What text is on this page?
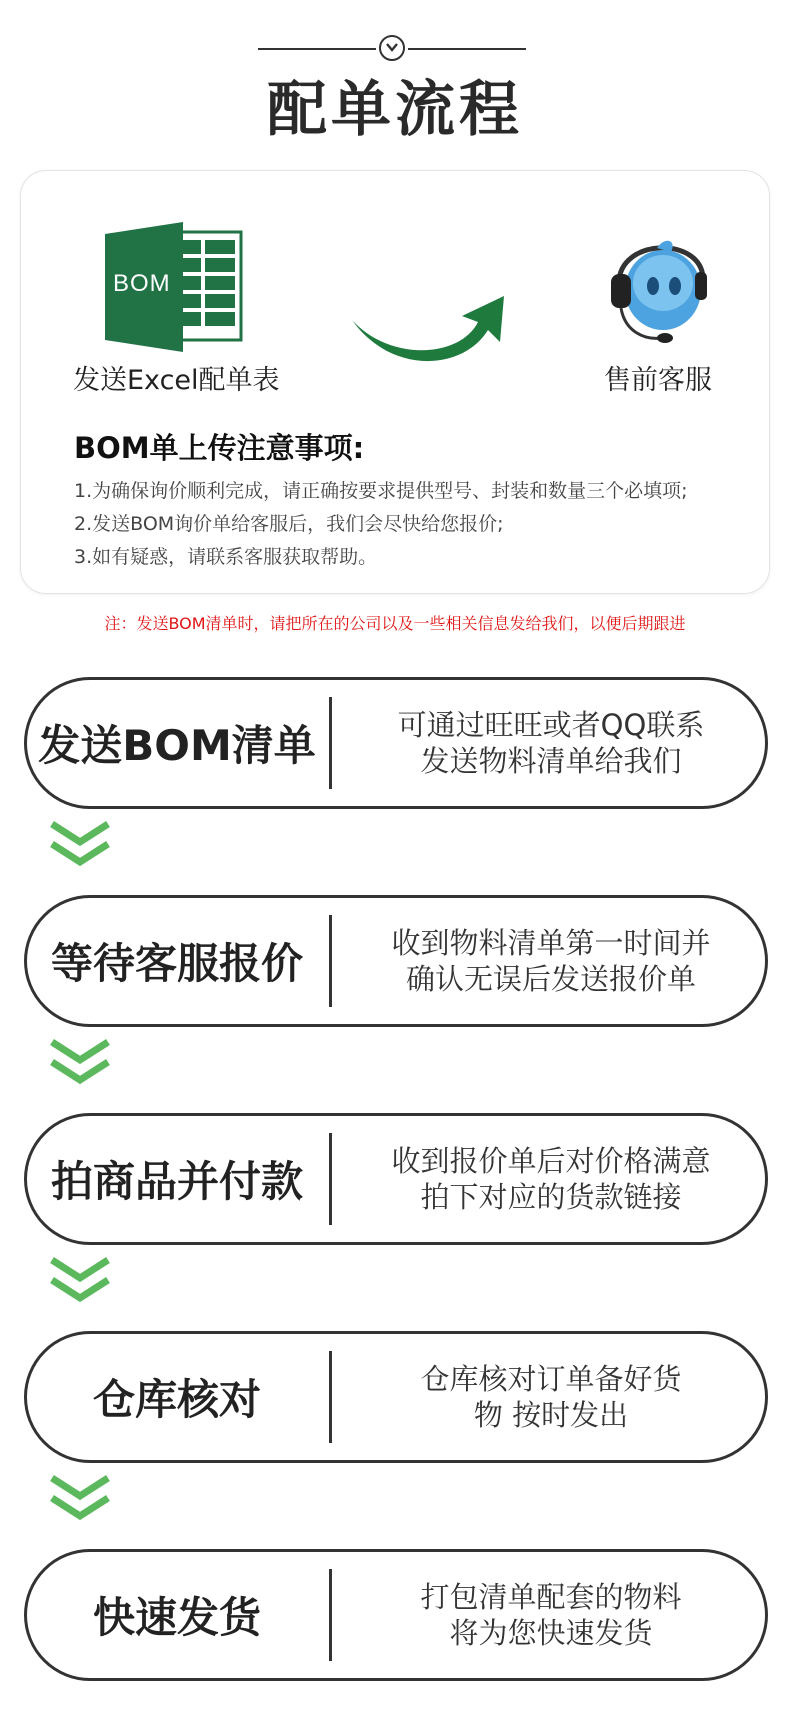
配单流程
BOM
发送Excel配单表	售前客服
BOM单上传注意事项:
1.为确保询价顺利完成，请正确按要求提供型号、封装和数量三个必填项;
2.发送BOM询价单给客服后，我们会尽快给您报价;
3.如有疑惑，请联系客服获取帮助。
注：发送BOM清单时，请把所在的公司以及一些相关信息发给我们，以便后期跟进
发送BOM清单	可通过旺旺或者QQ联系
发送物料清单给我们
等待客服报价	收到物料清单第一时间并
确认无误后发送报价单
拍商品并付款	收到报价单后对价格满意
拍下对应的货款链接
仓库核对	仓库核对订单备好货
物 按时发出
快速发货	打包清单配套的物料
将为您快速发货
